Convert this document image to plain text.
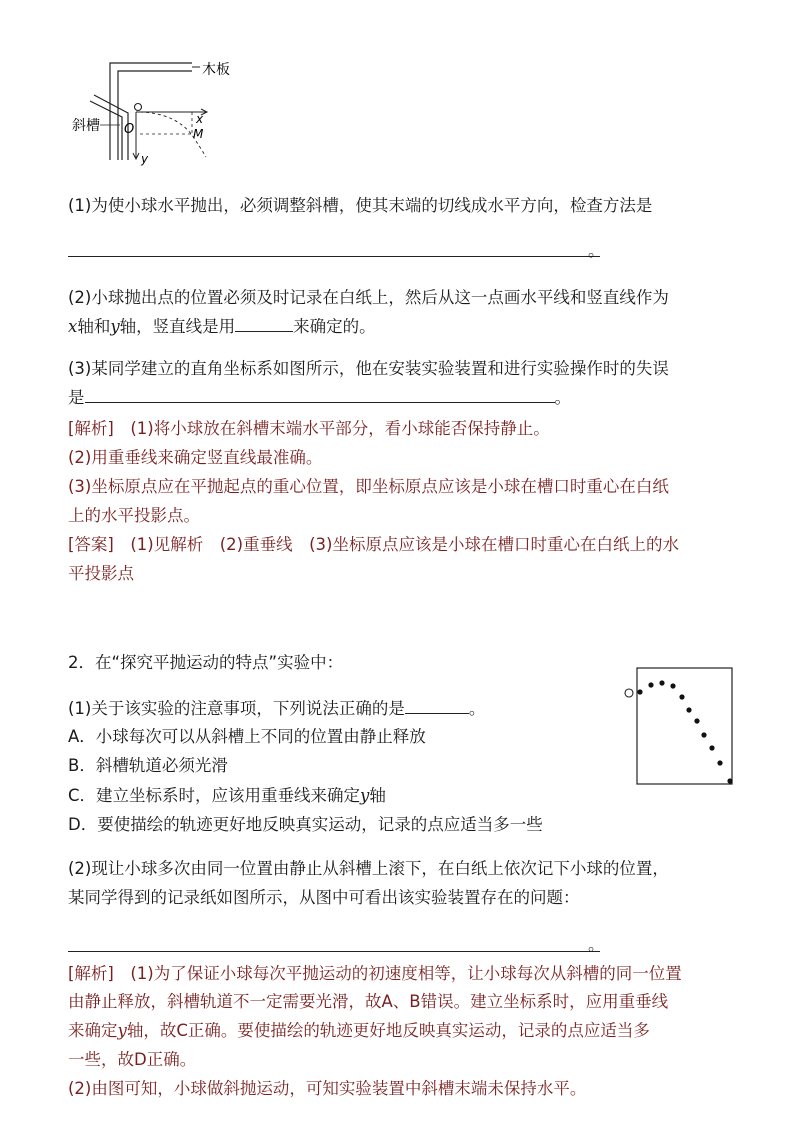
木板
斜槽	x
y
O	M
(1)为使小球水平抛出，必须调整斜槽，使其末端的切线成水平方向，检查方法是
。
(2)小球抛出点的位置必须及时记录在白纸上，然后从这一点画水平线和竖直线作为
x轴和y轴，竖直线是用	来确定的。
(3)某同学建立的直角坐标系如图所示，他在安装实验装置和进行实验操作时的失误
是	。
[解析]　(1)将小球放在斜槽末端水平部分，看小球能否保持静止。
(2)用重垂线来确定竖直线最准确。
(3)坐标原点应在平抛起点的重心位置，即坐标原点应该是小球在槽口时重心在白纸
上的水平投影点。
[答案]　(1)见解析　(2)重垂线　(3)坐标原点应该是小球在槽口时重心在白纸上的水
平投影点
2．在“探究平抛运动的特点”实验中：
(1)关于该实验的注意事项，下列说法正确的是	。
A．小球每次可以从斜槽上不同的位置由静止释放
B．斜槽轨道必须光滑
C．建立坐标系时，应该用重垂线来确定y轴
D．要使描绘的轨迹更好地反映真实运动，记录的点应适当多一些
(2)现让小球多次由同一位置由静止从斜槽上滚下，在白纸上依次记下小球的位置，
某同学得到的记录纸如图所示，从图中可看出该实验装置存在的问题：
。
[解析]　(1)为了保证小球每次平抛运动的初速度相等，让小球每次从斜槽的同一位置
由静止释放，斜槽轨道不一定需要光滑，故A、B错误。建立坐标系时，应用重垂线
来确定y轴，故C正确。要使描绘的轨迹更好地反映真实运动，记录的点应适当多
一些，故D正确。
(2)由图可知，小球做斜抛运动，可知实验装置中斜槽末端未保持水平。
